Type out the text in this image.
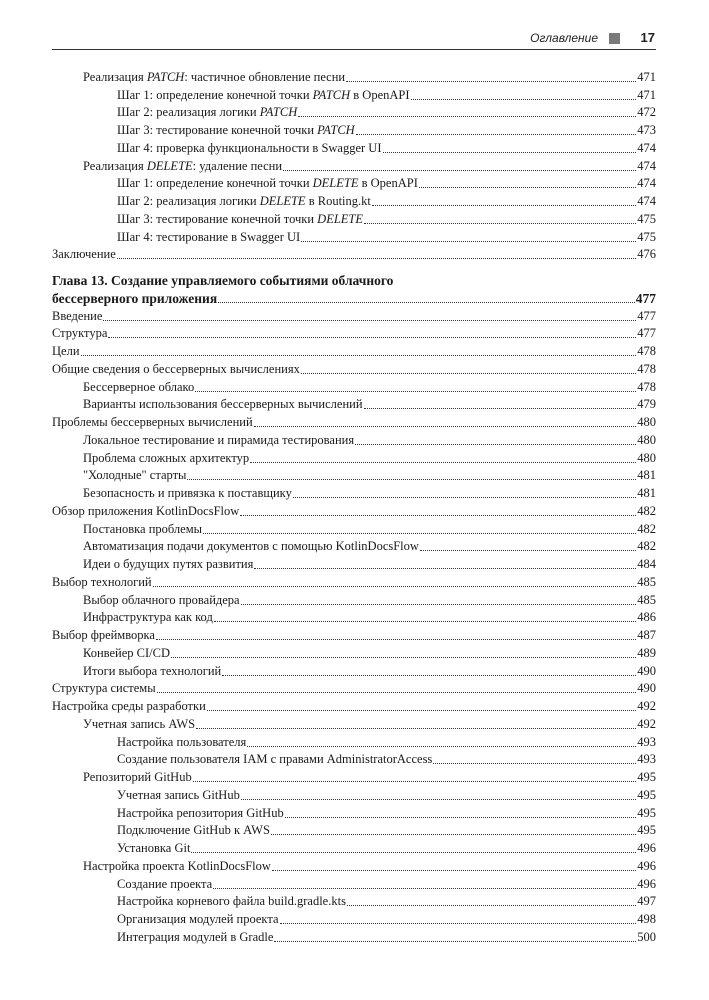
Оглавление	17
Реализация PATCH: частичное обновление песни	471
Шаг 1: определение конечной точки PATCH в OpenAPI	471
Шаг 2: реализация логики PATCH	472
Шаг 3: тестирование конечной точки PATCH	473
Шаг 4: проверка функциональности в Swagger UI	474
Реализация DELETE: удаление песни	474
Шаг 1: определение конечной точки DELETE в OpenAPI	474
Шаг 2: реализация логики DELETE в Routing.kt	474
Шаг 3: тестирование конечной точки DELETE	475
Шаг 4: тестирование в Swagger UI	475
Заключение	476
Глава 13. Создание управляемого событиями облачного
бессерверного приложения	477
Введение	477
Структура	477
Цели	478
Общие сведения о бессерверных вычислениях	478
Бессерверное облако	478
Варианты использования бессерверных вычислений	479
Проблемы бессерверных вычислений	480
Локальное тестирование и пирамида тестирования	480
Проблема сложных архитектур	480
"Холодные" старты	481
Безопасность и привязка к поставщику	481
Обзор приложения KotlinDocsFlow	482
Постановка проблемы	482
Автоматизация подачи документов с помощью KotlinDocsFlow	482
Идеи о будущих путях развития	484
Выбор технологий	485
Выбор облачного провайдера	485
Инфраструктура как код	486
Выбор фреймворка	487
Конвейер CI/CD	489
Итоги выбора технологий	490
Структура системы	490
Настройка среды разработки	492
Учетная запись AWS	492
Настройка пользователя	493
Создание пользователя IAM с правами AdministratorAccess	493
Репозиторий GitHub	495
Учетная запись GitHub	495
Настройка репозитория GitHub	495
Подключение GitHub к AWS	495
Установка Git	496
Настройка проекта KotlinDocsFlow	496
Создание проекта	496
Настройка корневого файла build.gradle.kts	497
Организация модулей проекта	498
Интеграция модулей в Gradle	500
